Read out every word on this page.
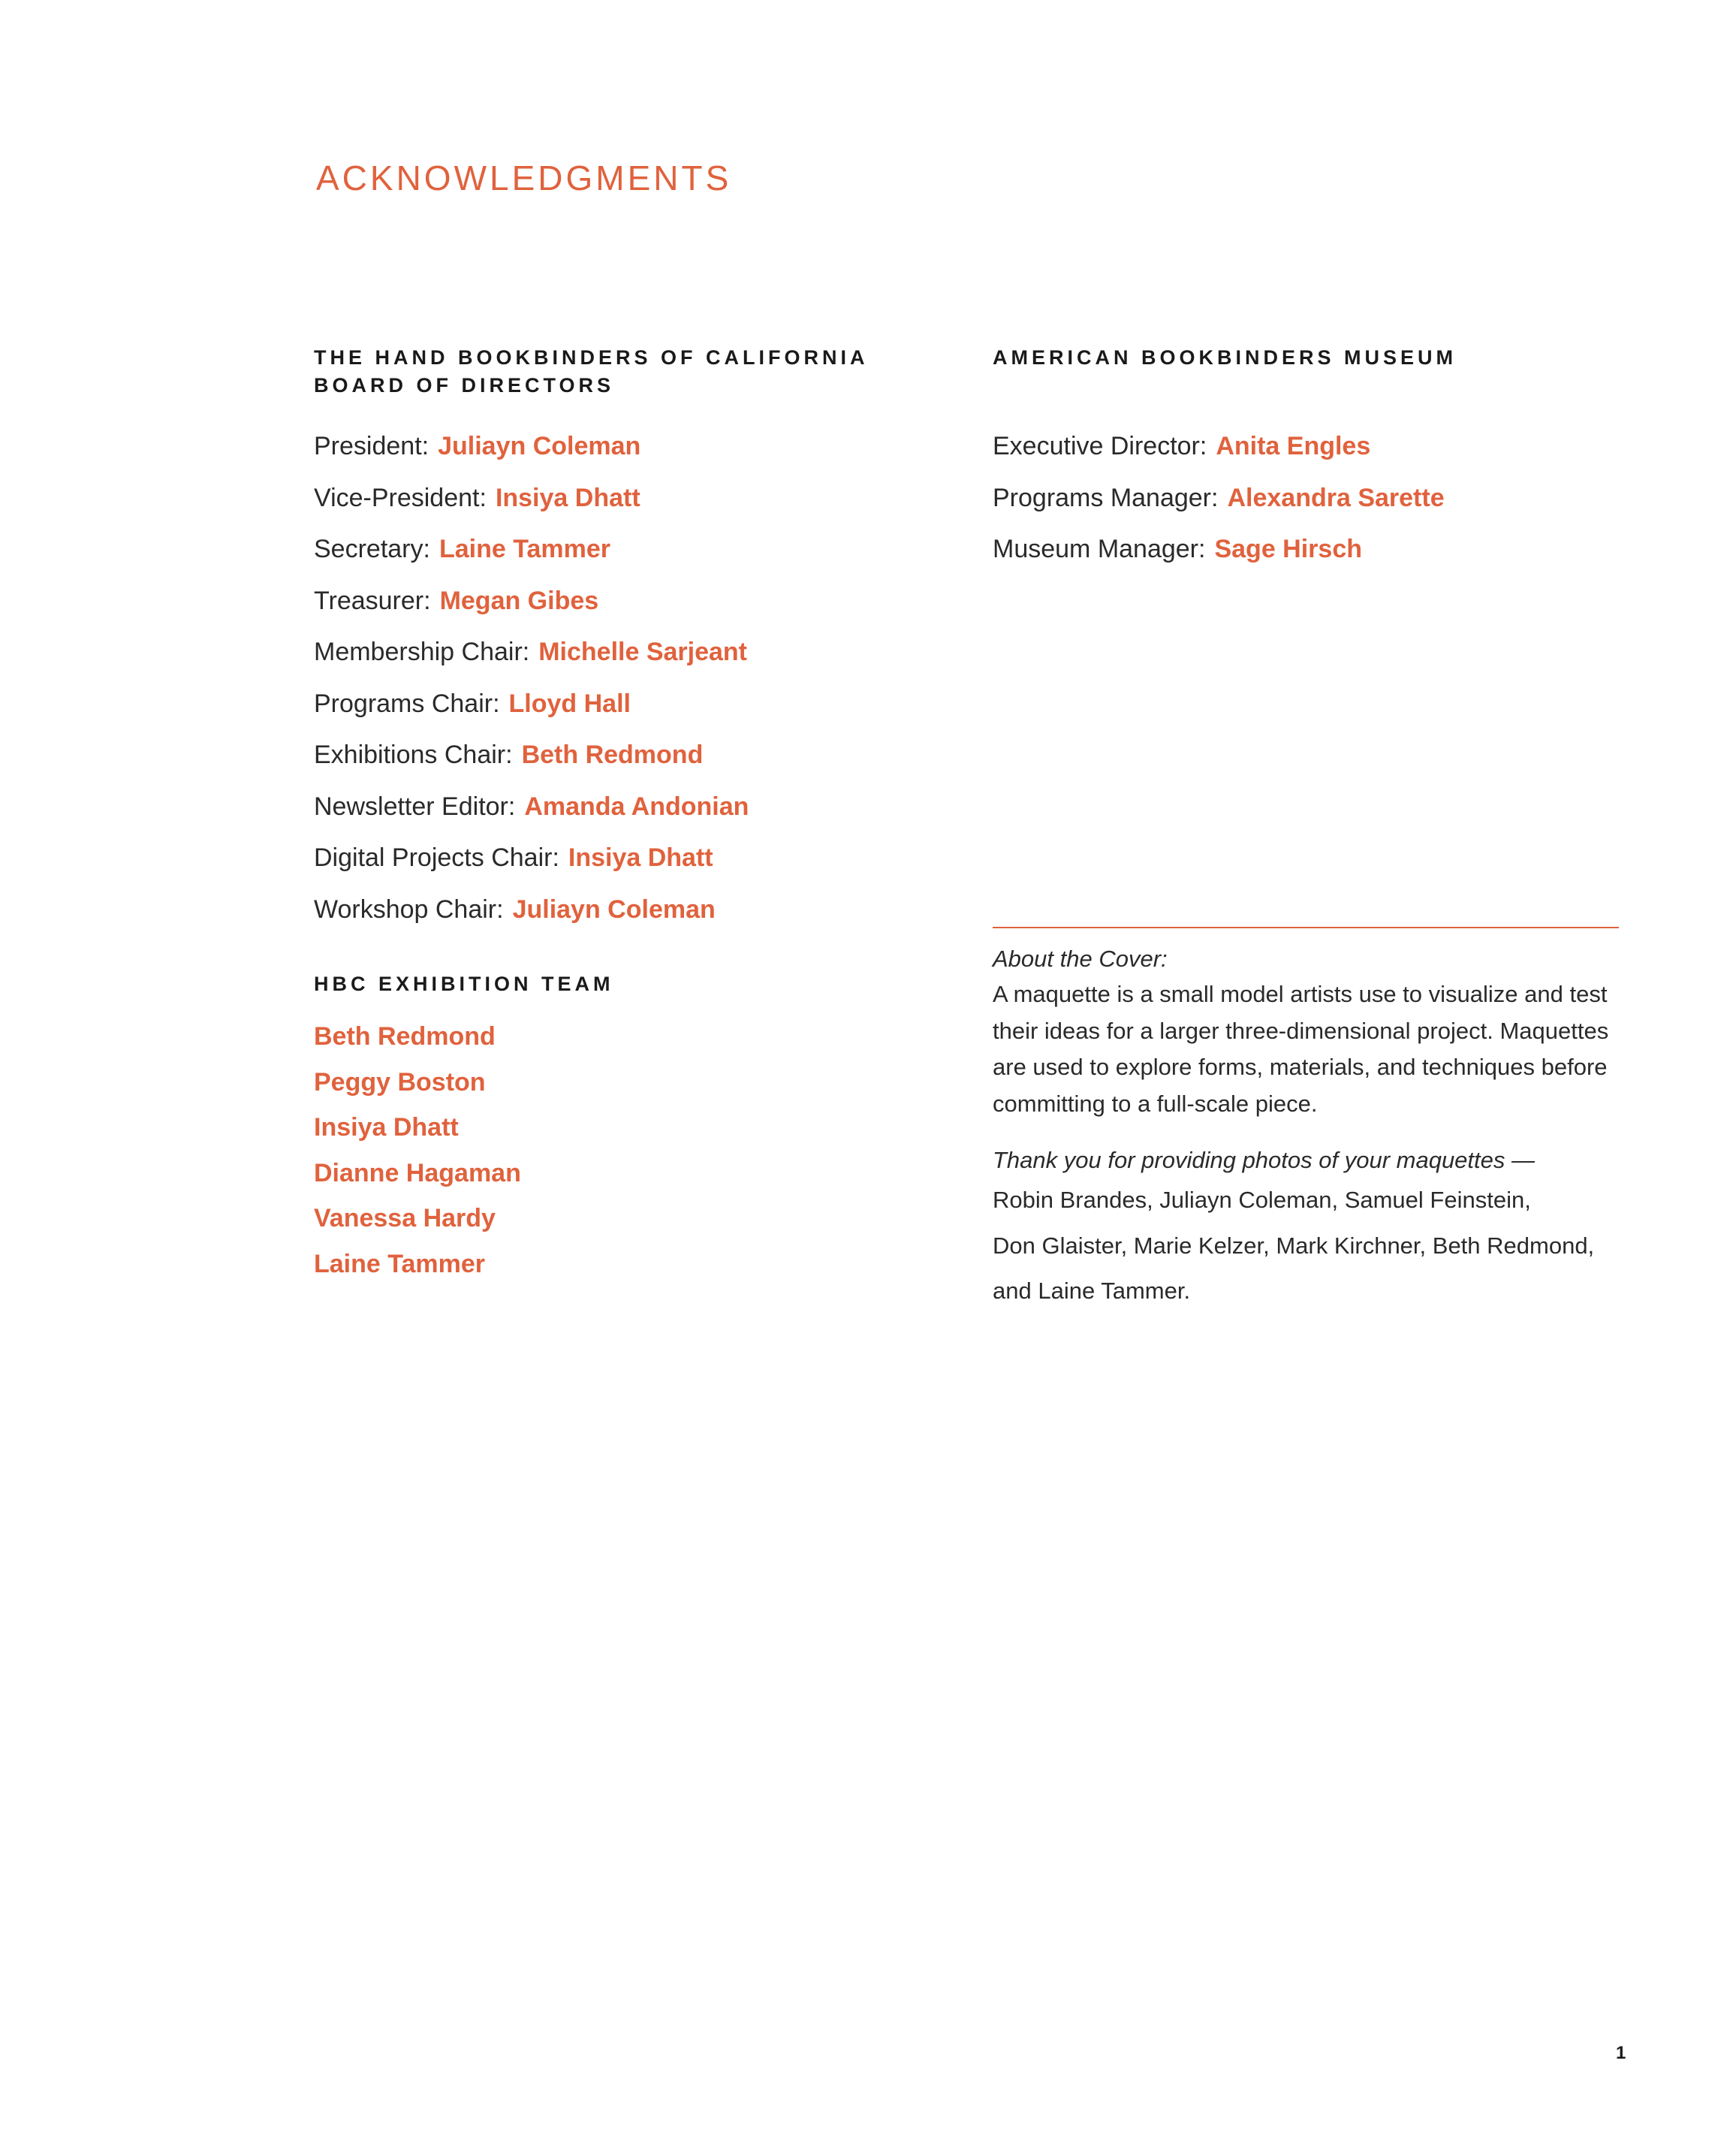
ACKNOWLEDGMENTS
THE HAND BOOKBINDERS OF CALIFORNIA
BOARD OF DIRECTORS
President: Juliayn Coleman
Vice-President: Insiya Dhatt
Secretary: Laine Tammer
Treasurer: Megan Gibes
Membership Chair: Michelle Sarjeant
Programs Chair: Lloyd Hall
Exhibitions Chair: Beth Redmond
Newsletter Editor: Amanda Andonian
Digital Projects Chair: Insiya Dhatt
Workshop Chair: Juliayn Coleman
HBC EXHIBITION TEAM
Beth Redmond
Peggy Boston
Insiya Dhatt
Dianne Hagaman
Vanessa Hardy
Laine Tammer
AMERICAN BOOKBINDERS MUSEUM
Executive Director: Anita Engles
Programs Manager: Alexandra Sarette
Museum Manager: Sage Hirsch

About the Cover:

A maquette is a small model artists use to visualize and test

their ideas for a larger three-dimensional project. Maquettes

are used to explore forms, materials, and techniques before

committing to a full-scale piece.

Thank you for providing photos of your maquettes —

Robin Brandes, Juliayn Coleman, Samuel Feinstein,

Don Glaister, Marie Kelzer, Mark Kirchner, Beth Redmond,

and Laine Tammer.

1
